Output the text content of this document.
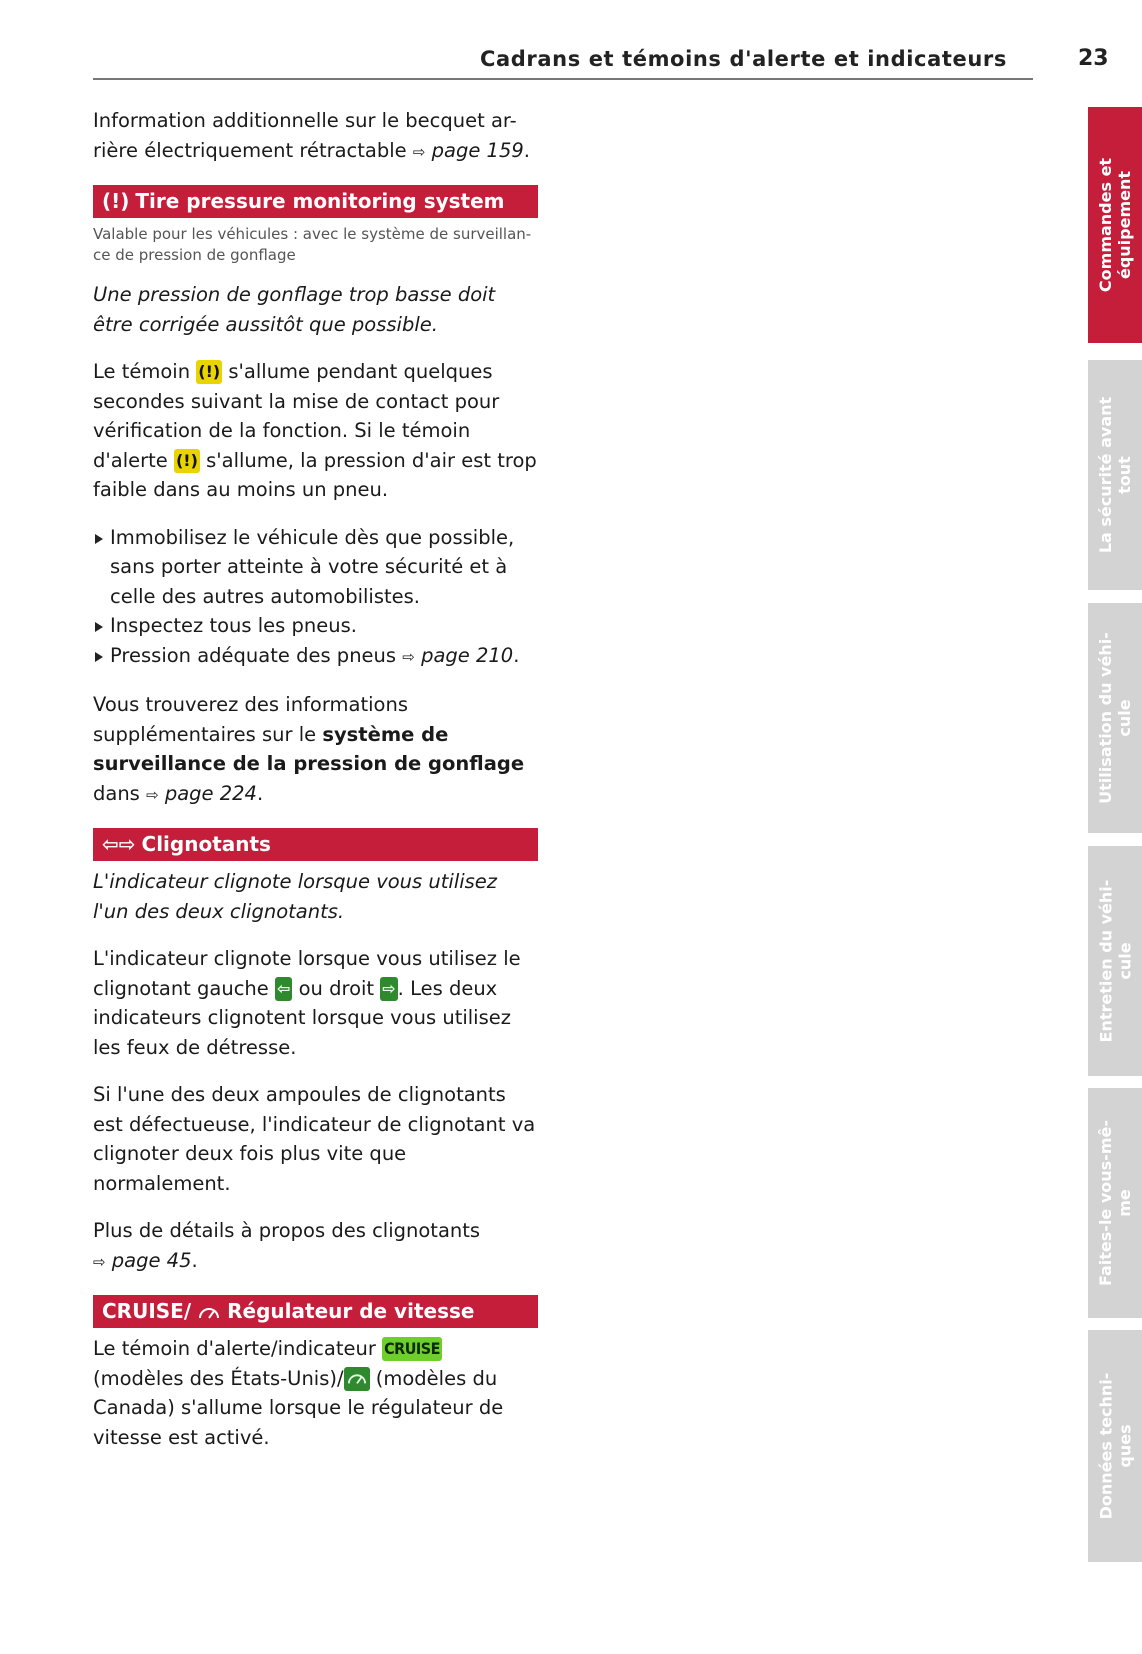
Cadrans et témoins d'alerte et indicateurs	23

Information additionnelle sur le becquet ar-
rière électriquement rétractable ⇨ page 159.

(!) Tire pressure monitoring system

Valable pour les véhicules : avec le système de surveillan-
ce de pression de gonflage

Une pression de gonflage trop basse doit être corrigée aussitôt que possible.

Le témoin (!) s'allume pendant quelques secondes suivant la mise de contact pour vérification de la fonction. Si le témoin d'alerte (!) s'allume, la pression d'air est trop faible dans au moins un pneu.

Immobilisez le véhicule dès que possible, sans porter atteinte à votre sécurité et à celle des autres automobilistes.
Inspectez tous les pneus.
Pression adéquate des pneus ⇨ page 210.

Vous trouverez des informations supplémentaires sur le système de surveillance de la pression de gonflage dans ⇨ page 224.

⇦⇨ Clignotants

L'indicateur clignote lorsque vous utilisez l'un des deux clignotants.

L'indicateur clignote lorsque vous utilisez le clignotant gauche ⇦ ou droit ⇨ . Les deux indicateurs clignotent lorsque vous utilisez les feux de détresse.

Si l'une des deux ampoules de clignotants est défectueuse, l'indicateur de clignotant va clignoter deux fois plus vite que normalement.

Plus de détails à propos des clignotants
⇨ page 45.

CRUISE/ Régulateur de vitesse

Le témoin d'alerte/indicateur CRUISE (modèles des États-Unis)/ (modèles du Canada) s'allume lorsque le régulateur de vitesse est activé.

Commandes et
équipement
La sécurité avant
tout
Utilisation du véhi-
cule
Entretien du véhi-
cule
Faites-le vous-mê-
me
Données techni-
ques
